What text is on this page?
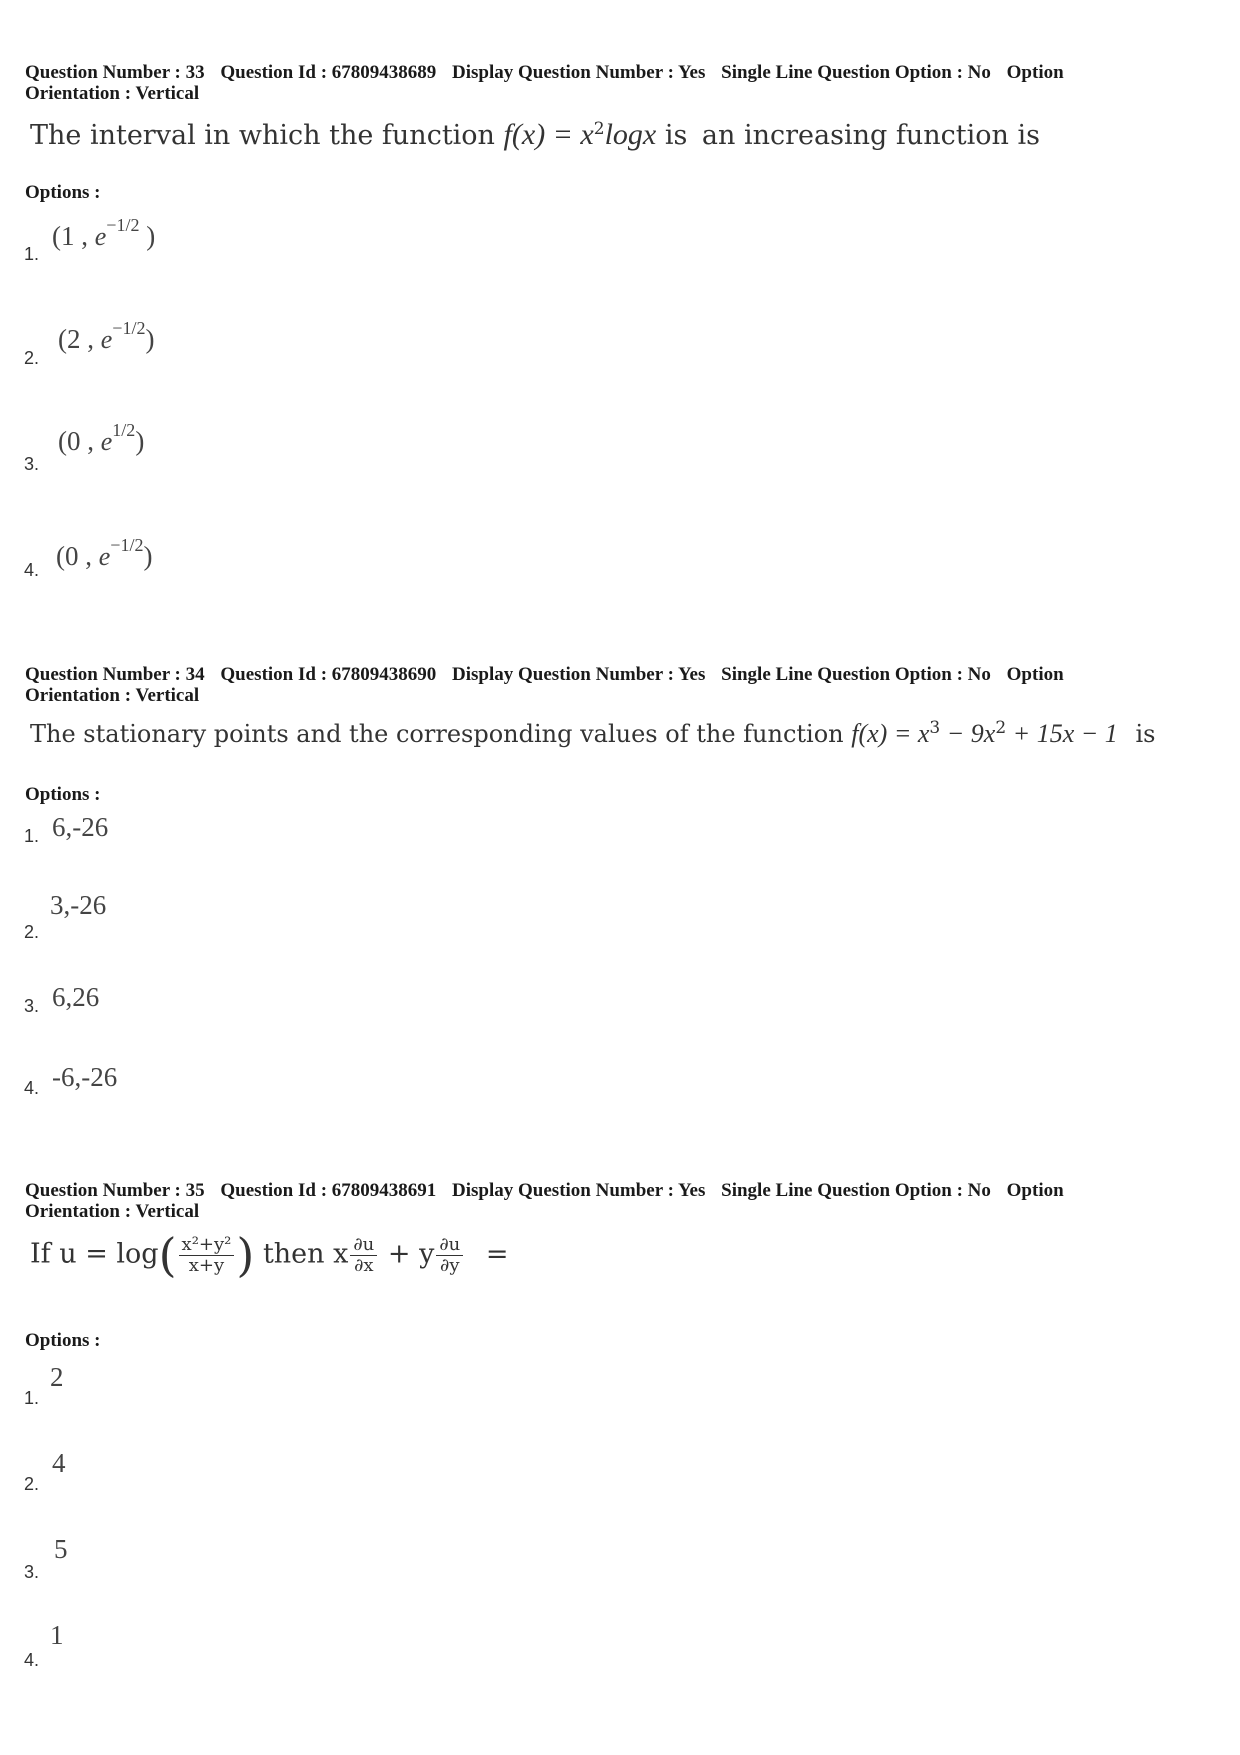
Question Number : 33 Question Id : 67809438689 Display Question Number : Yes Single Line Question Option : No Option
Orientation : Vertical
The interval in which the function $f(x) = x^2\log x$ is an increasing function is
Options :
1.
(1 , $e^{-1/2}$ )
2.
(2 , $e^{-1/2}$)
3.
(0 , $e^{1/2}$)
4. (0 , $e^{-1/2}$)
Question Number : 34 Question Id : 67809438690 Display Question Number : Yes Single Line Question Option : No Option
Orientation : Vertical
The stationary points and the corresponding values of the function $f(x) = x^3 - 9x^2 + 15x - 1$ is
Options :
1. 6,-26
2.
3,-26
3. 6,26
4. -6,-26
Question Number : 35 Question Id : 67809438691 Display Question Number : Yes Single Line Question Option : No Option
Orientation : Vertical
If $u = \log( \frac{\text{x²+y²}}{x+y}$ ) then x $\frac{\partial u}{\partial x} + y \frac{\partial u}{\partial y}$ =
Options :
1.
2
2.
4
3.
5
4.
1
